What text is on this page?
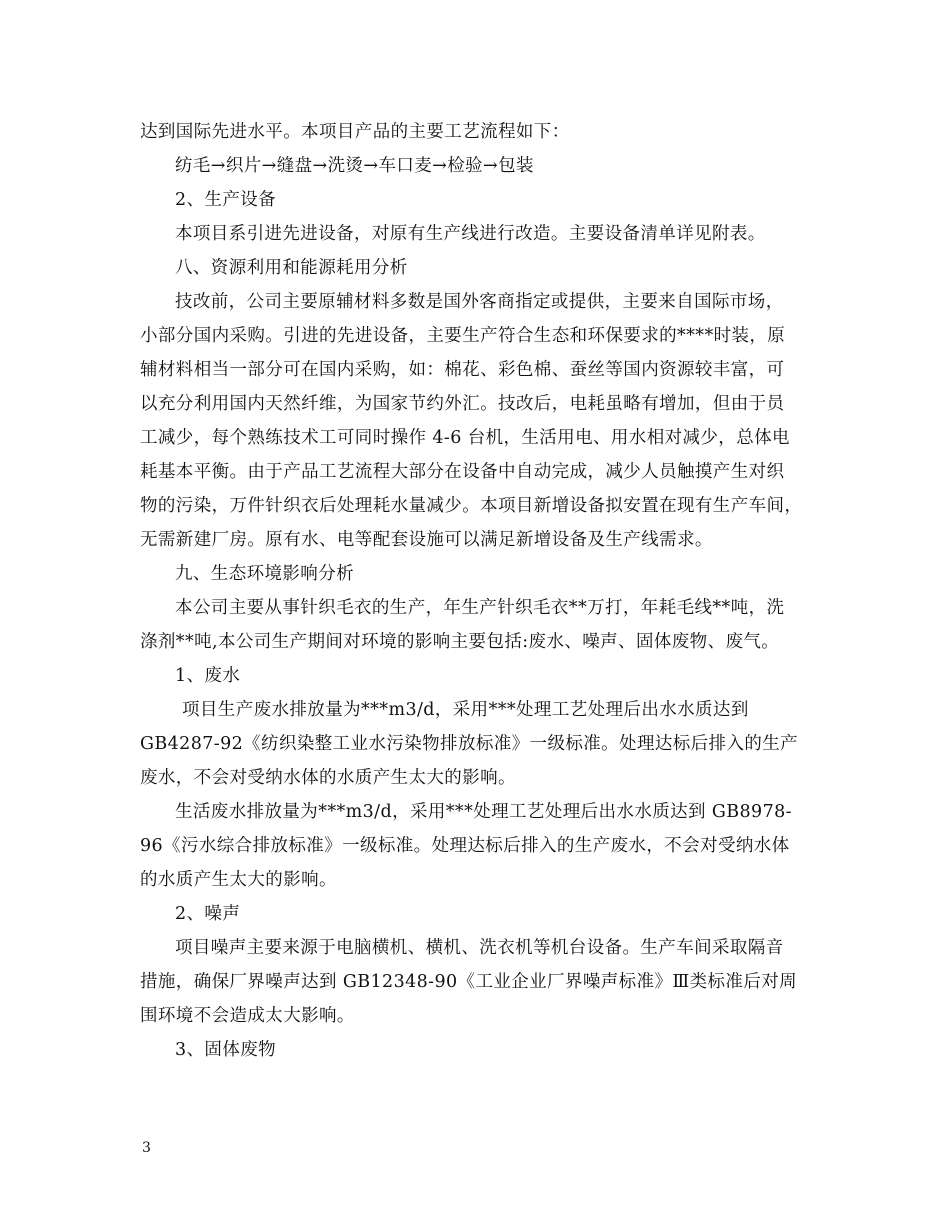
达到国际先进水平。本项目产品的主要工艺流程如下：
纺毛→织片→缝盘→洗烫→车口麦→检验→包装
2、生产设备
本项目系引进先进设备，对原有生产线进行改造。主要设备清单详见附表。
八、资源利用和能源耗用分析
技改前，公司主要原辅材料多数是国外客商指定或提供，主要来自国际市场，
小部分国内采购。引进的先进设备，主要生产符合生态和环保要求的****时装，原
辅材料相当一部分可在国内采购，如：棉花、彩色棉、蚕丝等国内资源较丰富，可
以充分利用国内天然纤维，为国家节约外汇。技改后，电耗虽略有增加，但由于员
工减少，每个熟练技术工可同时操作 4-6 台机，生活用电、用水相对减少，总体电
耗基本平衡。由于产品工艺流程大部分在设备中自动完成，减少人员触摸产生对织
物的污染，万件针织衣后处理耗水量减少。本项目新增设备拟安置在现有生产车间，
无需新建厂房。原有水、电等配套设施可以满足新增设备及生产线需求。
九、生态环境影响分析
本公司主要从事针织毛衣的生产，年生产针织毛衣**万打，年耗毛线**吨，洗
涤剂**吨,本公司生产期间对环境的影响主要包括:废水、噪声、固体废物、废气。
1、废水
项目生产废水排放量为***m3/d，采用***处理工艺处理后出水水质达到
GB4287-92《纺织染整工业水污染物排放标准》一级标准。处理达标后排入的生产
废水，不会对受纳水体的水质产生太大的影响。
生活废水排放量为***m3/d，采用***处理工艺处理后出水水质达到 GB8978-
96《污水综合排放标准》一级标准。处理达标后排入的生产废水，不会对受纳水体
的水质产生太大的影响。
2、噪声
项目噪声主要来源于电脑横机、横机、洗衣机等机台设备。生产车间采取隔音
措施，确保厂界噪声达到 GB12348-90《工业企业厂界噪声标准》Ⅲ类标准后对周
围环境不会造成太大影响。
3、固体废物
3
